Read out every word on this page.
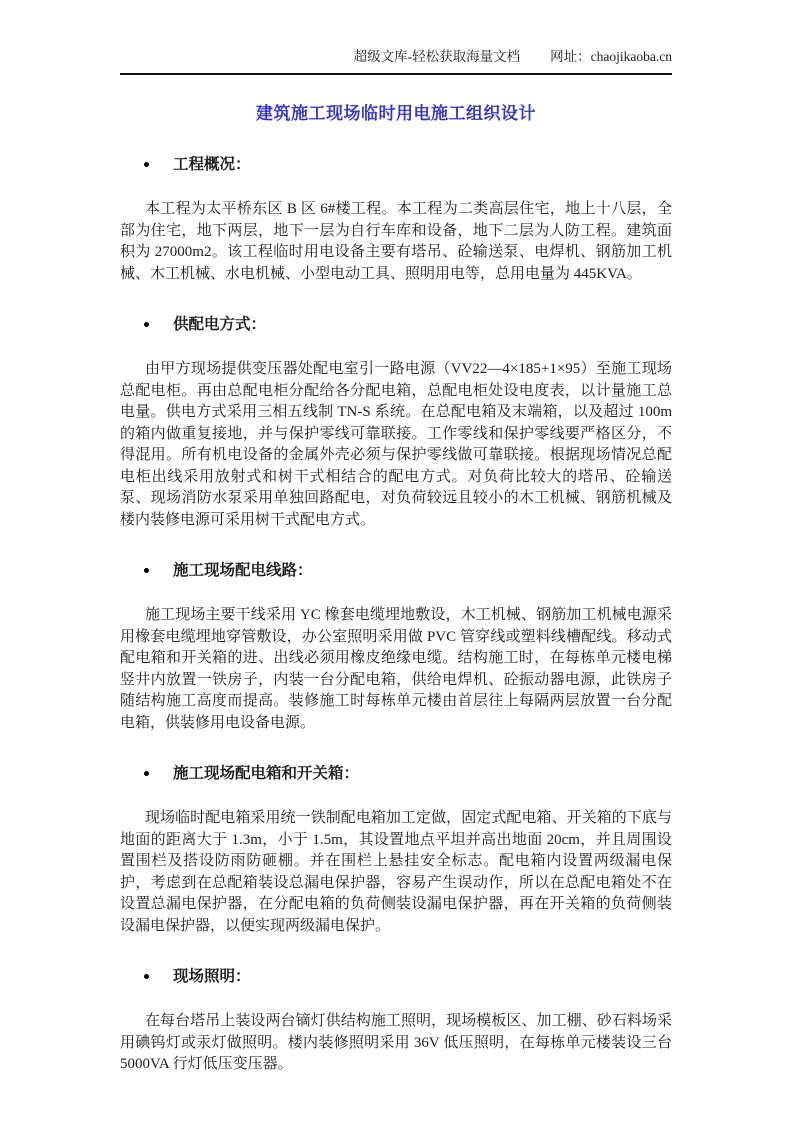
超级文库-轻松获取海量文档 网址：chaojikaoba.cn
建筑施工现场临时用电施工组织设计
工程概况：

本工程为太平桥东区 B 区 6#楼工程。本工程为二类高层住宅，地上十八层，全部为住宅，地下两层，地下一层为自行车库和设备，地下二层为人防工程。建筑面积为 27000m2。该工程临时用电设备主要有塔吊、砼输送泵、电焊机、钢筋加工机械、木工机械、水电机械、小型电动工具、照明用电等，总用电量为 445KVA。

供配电方式：

由甲方现场提供变压器处配电室引一路电源（VV22—4×185+1×95）至施工现场总配电柜。再由总配电柜分配给各分配电箱，总配电柜处设电度表，以计量施工总电量。供电方式采用三相五线制 TN-S 系统。在总配电箱及末端箱，以及超过 100m 的箱内做重复接地，并与保护零线可靠联接。工作零线和保护零线要严格区分，不得混用。所有机电设备的金属外壳必须与保护零线做可靠联接。根据现场情况总配电柜出线采用放射式和树干式相结合的配电方式。对负荷比较大的塔吊、砼输送泵、现场消防水泵采用单独回路配电，对负荷较远且较小的木工机械、钢筋机械及楼内装修电源可采用树干式配电方式。

施工现场配电线路：

施工现场主要干线采用 YC 橡套电缆埋地敷设，木工机械、钢筋加工机械电源采用橡套电缆埋地穿管敷设，办公室照明采用做 PVC 管穿线或塑料线槽配线。移动式配电箱和开关箱的进、出线必须用橡皮绝缘电缆。结构施工时，在每栋单元楼电梯竖井内放置一铁房子，内装一台分配电箱，供给电焊机、砼振动器电源，此铁房子随结构施工高度而提高。装修施工时每栋单元楼由首层往上每隔两层放置一台分配电箱，供装修用电设备电源。

施工现场配电箱和开关箱：

现场临时配电箱采用统一铁制配电箱加工定做，固定式配电箱、开关箱的下底与地面的距离大于 1.3m，小于 1.5m，其设置地点平坦并高出地面 20cm，并且周围设置围栏及搭设防雨防砸棚。并在围栏上悬挂安全标志。配电箱内设置两级漏电保护，考虑到在总配箱装设总漏电保护器，容易产生误动作，所以在总配电箱处不在设置总漏电保护器，在分配电箱的负荷侧装设漏电保护器，再在开关箱的负荷侧装设漏电保护器，以便实现两级漏电保护。

现场照明：

在每台塔吊上装设两台镝灯供结构施工照明，现场模板区、加工棚、砂石料场采用碘钨灯或汞灯做照明。楼内装修照明采用 36V 低压照明，在每栋单元楼装设三台 5000VA 行灯低压变压器。
